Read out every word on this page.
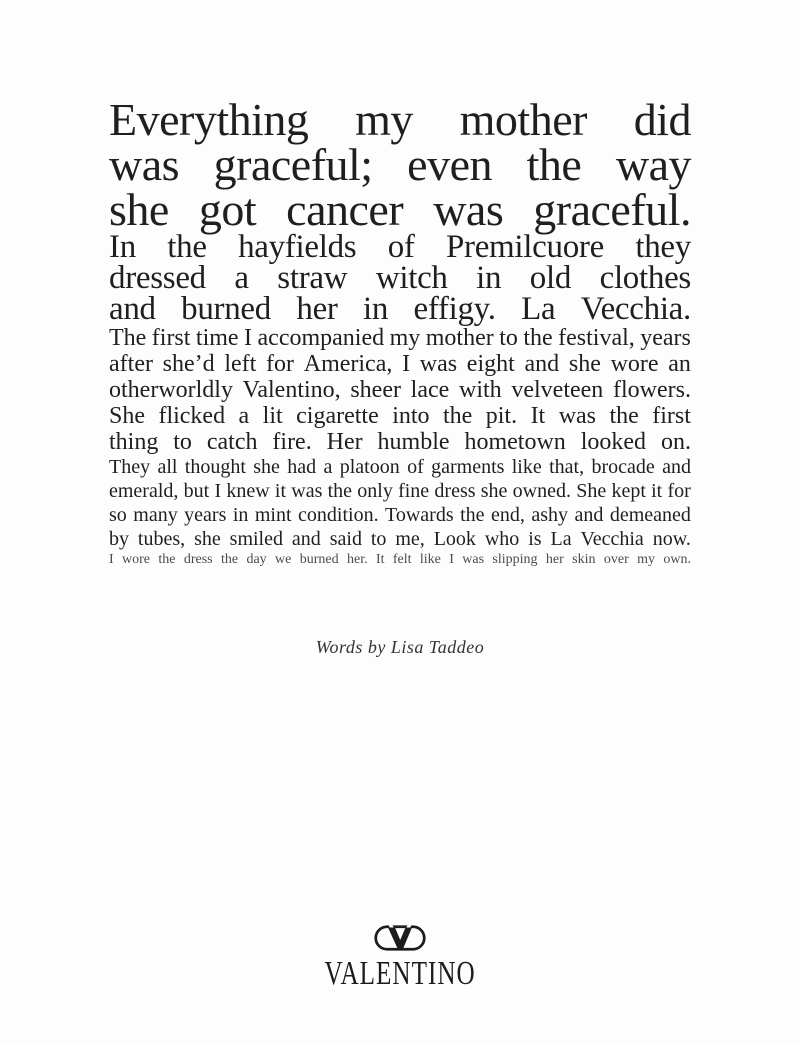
Everything my mother did
was graceful; even the way
she got cancer was graceful.
In the hayfields of Premilcuore they
dressed a straw witch in old clothes
and burned her in effigy. La Vecchia.
The first time I accompanied my mother to the festival, years
after she’d left for America, I was eight and she wore an
otherworldly Valentino, sheer lace with velveteen flowers.
She flicked a lit cigarette into the pit. It was the first
thing to catch fire. Her humble hometown looked on.
They all thought she had a platoon of garments like that, brocade and
emerald, but I knew it was the only fine dress she owned. She kept it for
so many years in mint condition. Towards the end, ashy and demeaned
by tubes, she smiled and said to me, Look who is La Vecchia now.
I wore the dress the day we burned her. It felt like I was slipping her skin over my own.
Words by Lisa Taddeo
VALENTINO
